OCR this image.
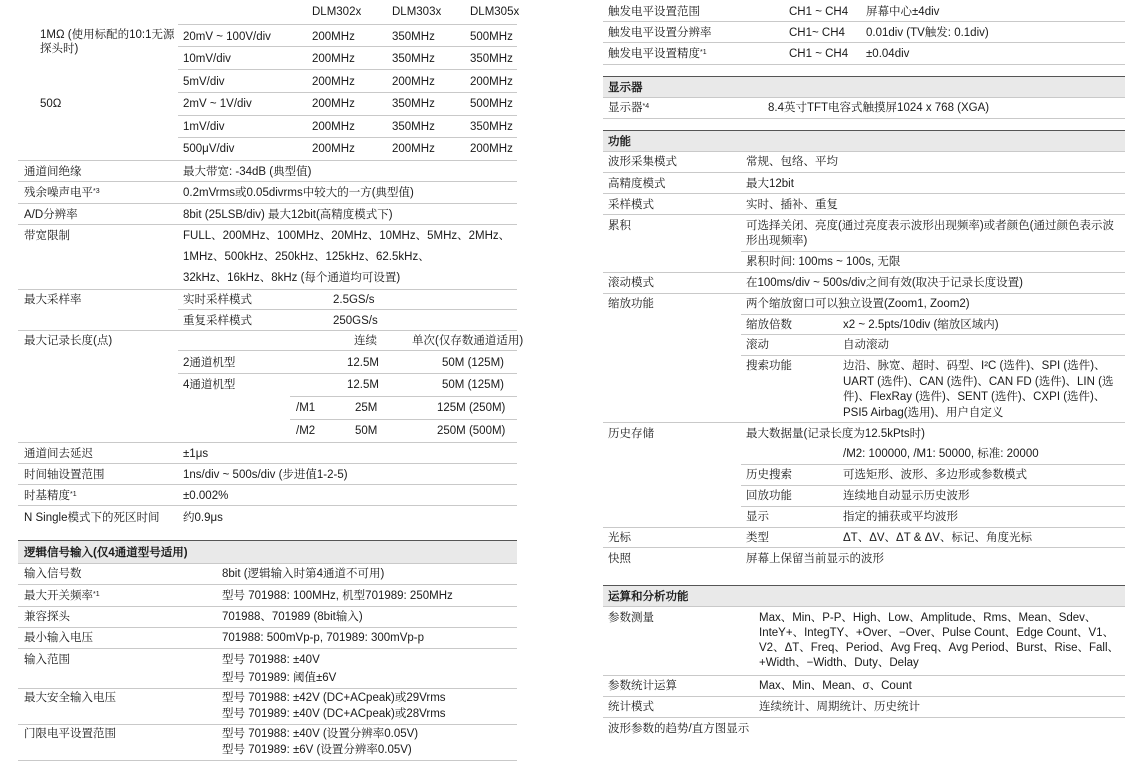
DLM302x	DLM303x	DLM305x
1MΩ (使用标配的10:1无源探头时)
20mV ~ 100V/div	200MHz	350MHz	500MHz
10mV/div	200MHz	350MHz	350MHz
5mV/div	200MHz	200MHz	200MHz
50Ω	2mV ~ 1V/div	200MHz	350MHz	500MHz
1mV/div	200MHz	350MHz	350MHz
500μV/div	200MHz	200MHz	200MHz
通道间绝缘	最大带宽: -34dB (典型值)
残余噪声电平$^{*3}$	0.2mVrms或0.05divrms中较大的一方(典型值)
A/D分辨率	8bit (25LSB/div) 最大12bit(高精度模式下)
带宽限制	FULL、200MHz、100MHz、20MHz、10MHz、5MHz、2MHz、
1MHz、500kHz、250kHz、125kHz、62.5kHz、
32kHz、16kHz、8kHz (每个通道均可设置)
最大采样率	实时采样模式	2.5GS/s
重复采样模式	250GS/s
最大记录长度(点)	连续	单次(仅存数通道适用)
2通道机型	12.5M	50M (125M)
4通道机型	12.5M	50M (125M)
/M1	25M	125M (250M)
/M2	50M	250M (500M)
通道间去延迟	±1μs
时间轴设置范围	1ns/div ~ 500s/div (步进值1-2-5)
时基精度$^{*1}$	±0.002%
N Single模式下的死区时间 约0.9μs
逻辑信号输入(仅4通道型号适用)
输入信号数	8bit (逻辑输入时第4通道不可用)
最大开关频率$^{*1}$	型号 701988: 100MHz, 机型701989: 250MHz
兼容探头	701988、701989 (8bit输入)
最小输入电压	701988: 500mVp-p, 701989: 300mVp-p
输入范围	型号 701988: ±40V
型号 701989: 阈值±6V
最大安全输入电压	型号 701988: ±42V (DC+ACpeak)或29Vrms
型号 701989: ±40V (DC+ACpeak)或28Vrms
门限电平设置范围	型号 701988: ±40V (设置分辨率0.05V)
型号 701989: ±6V (设置分辨率0.05V)
触发电平设置范围	CH1 ~ CH4 屏幕中心±4div
触发电平设置分辨率	CH1~ CH4 0.01div (TV触发: 0.1div)
触发电平设置精度$^{*1}$	CH1 ~ CH4 ±0.04div
显示器
显示器$^{*4}$	8.4英寸TFT电容式触摸屏1024 x 768 (XGA)
功能
波形采集模式	常规、包络、平均
高精度模式	最大12bit
采样模式	实时、插补、重复
累积	可选择关闭、亮度(通过亮度表示波形出现频率)或者颜色(通过颜色表示波形出现频率)
累积时间: 100ms ~ 100s, 无限
滚动模式	在100ms/div ~ 500s/div之间有效(取决于记录长度设置)
缩放功能	两个缩放窗口可以独立设置(Zoom1, Zoom2)
缩放倍数	x2 ~ 2.5pts/10div (缩放区域内)
滚动	自动滚动
搜索功能	边沿、脉宽、超时、码型、I²C (选件)、SPI (选件)、UART (选件)、CAN (选件)、CAN FD (选件)、LIN (选件)、FlexRay (选件)、SENT (选件)、CXPI (选件)、PSI5 Airbag(选用)、用户自定义
历史存储	最大数据量(记录长度为12.5kPts时)
/M2: 100000, /M1: 50000, 标准: 20000
历史搜索	可选矩形、波形、多边形或参数模式
回放功能	连续地自动显示历史波形
显示	指定的捕获或平均波形
光标	类型	ΔT、ΔV、ΔT & ΔV、标记、角度光标
快照	屏幕上保留当前显示的波形
运算和分析功能
参数测量	Max、Min、P-P、High、Low、Amplitude、Rms、Mean、Sdev、
InteY+、IntegTY、+Over、−Over、Pulse Count、Edge Count、V1、
V2、ΔT、Freq、Period、Avg Freq、Avg Period、Burst、Rise、Fall、
+Width、−Width、Duty、Delay
参数统计运算	Max、Min、Mean、σ、Count
统计模式	连续统计、周期统计、历史统计
波形参数的趋势/直方图显示
